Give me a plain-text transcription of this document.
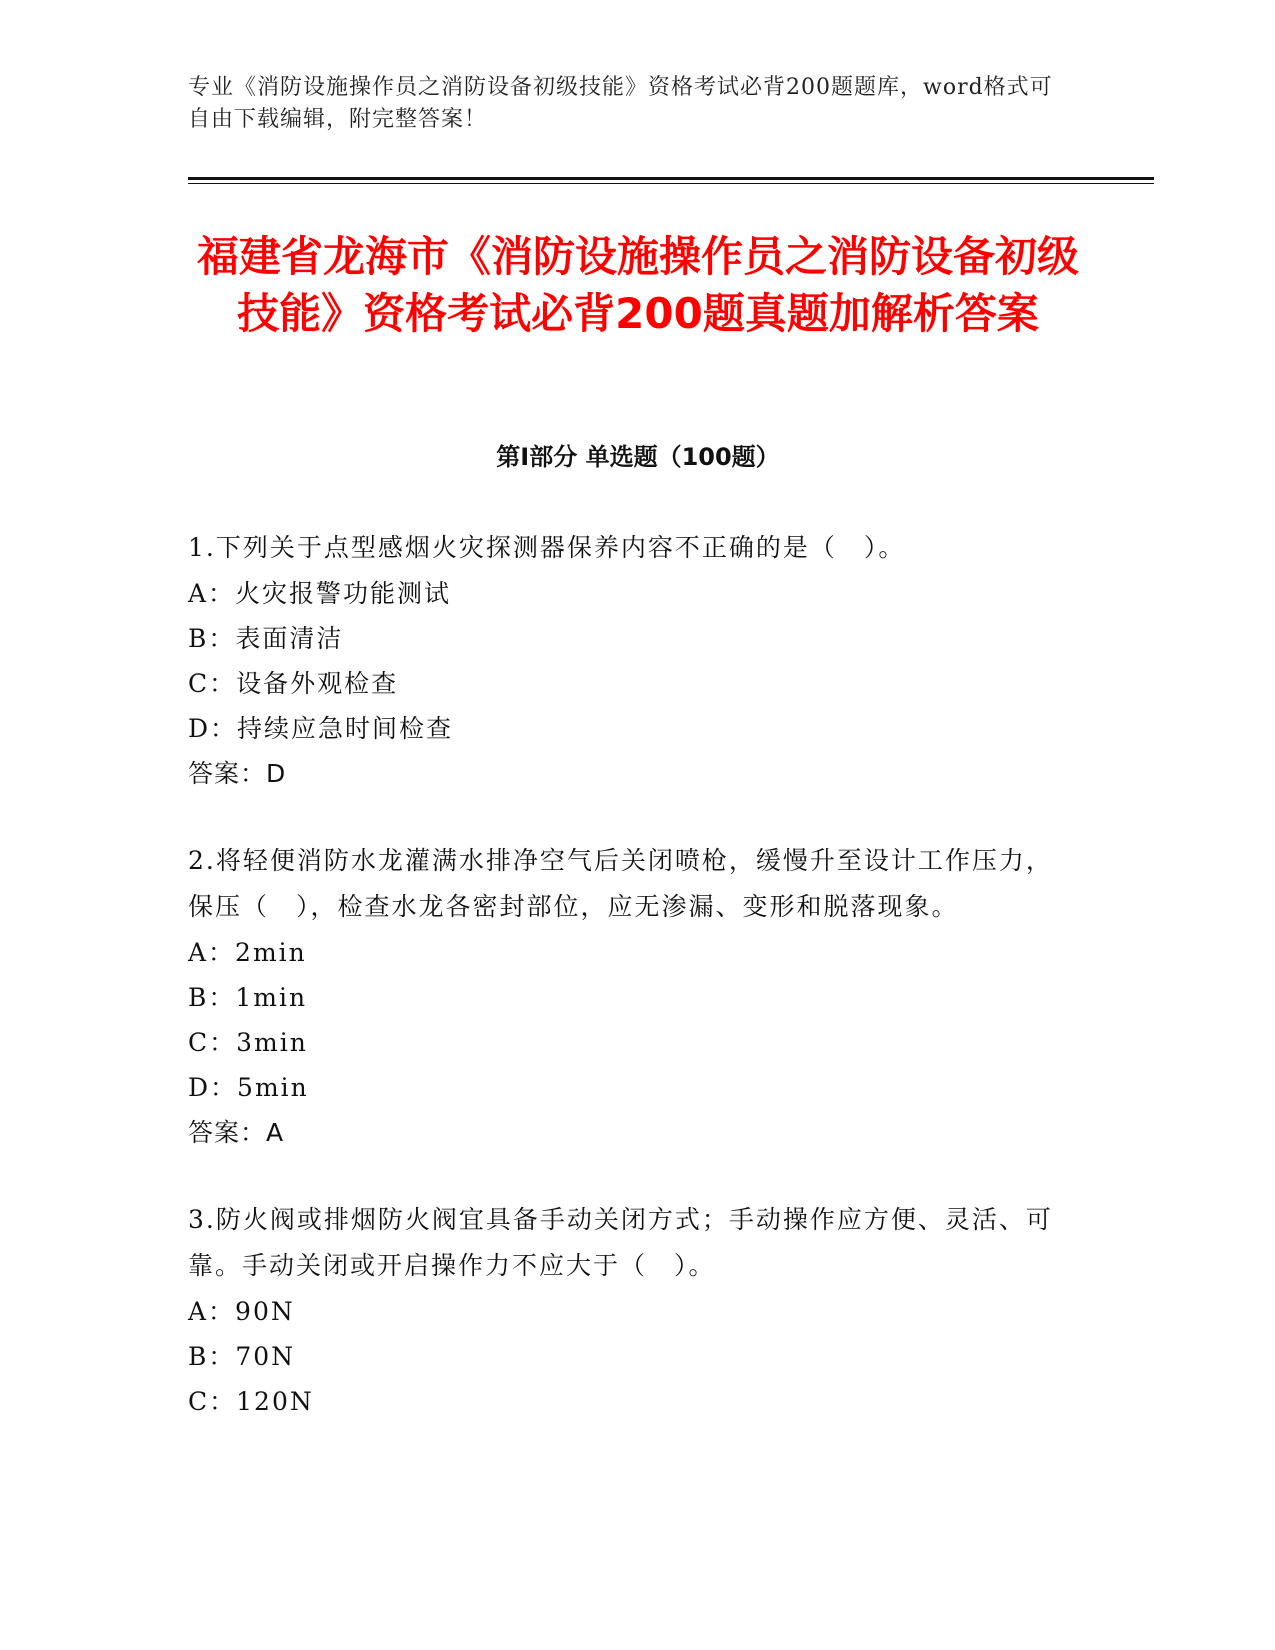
专业《消防设施操作员之消防设备初级技能》资格考试必背200题题库，word格式可自由下载编辑，附完整答案！
福建省龙海市《消防设施操作员之消防设备初级技能》资格考试必背200题真题加解析答案
第Ⅰ部分 单选题（100题）

1.下列关于点型感烟火灾探测器保养内容不正确的是（　）。

A：火灾报警功能测试

B：表面清洁

C：设备外观检查

D：持续应急时间检查

答案：D

2.将轻便消防水龙灌满水排净空气后关闭喷枪，缓慢升至设计工作压力，保压（　），检查水龙各密封部位，应无渗漏、变形和脱落现象。

A：2min

B：1min

C：3min

D：5min

答案：A

3.防火阀或排烟防火阀宜具备手动关闭方式；手动操作应方便、灵活、可靠。手动关闭或开启操作力不应大于（　）。

A：90N

B：70N

C：120N
